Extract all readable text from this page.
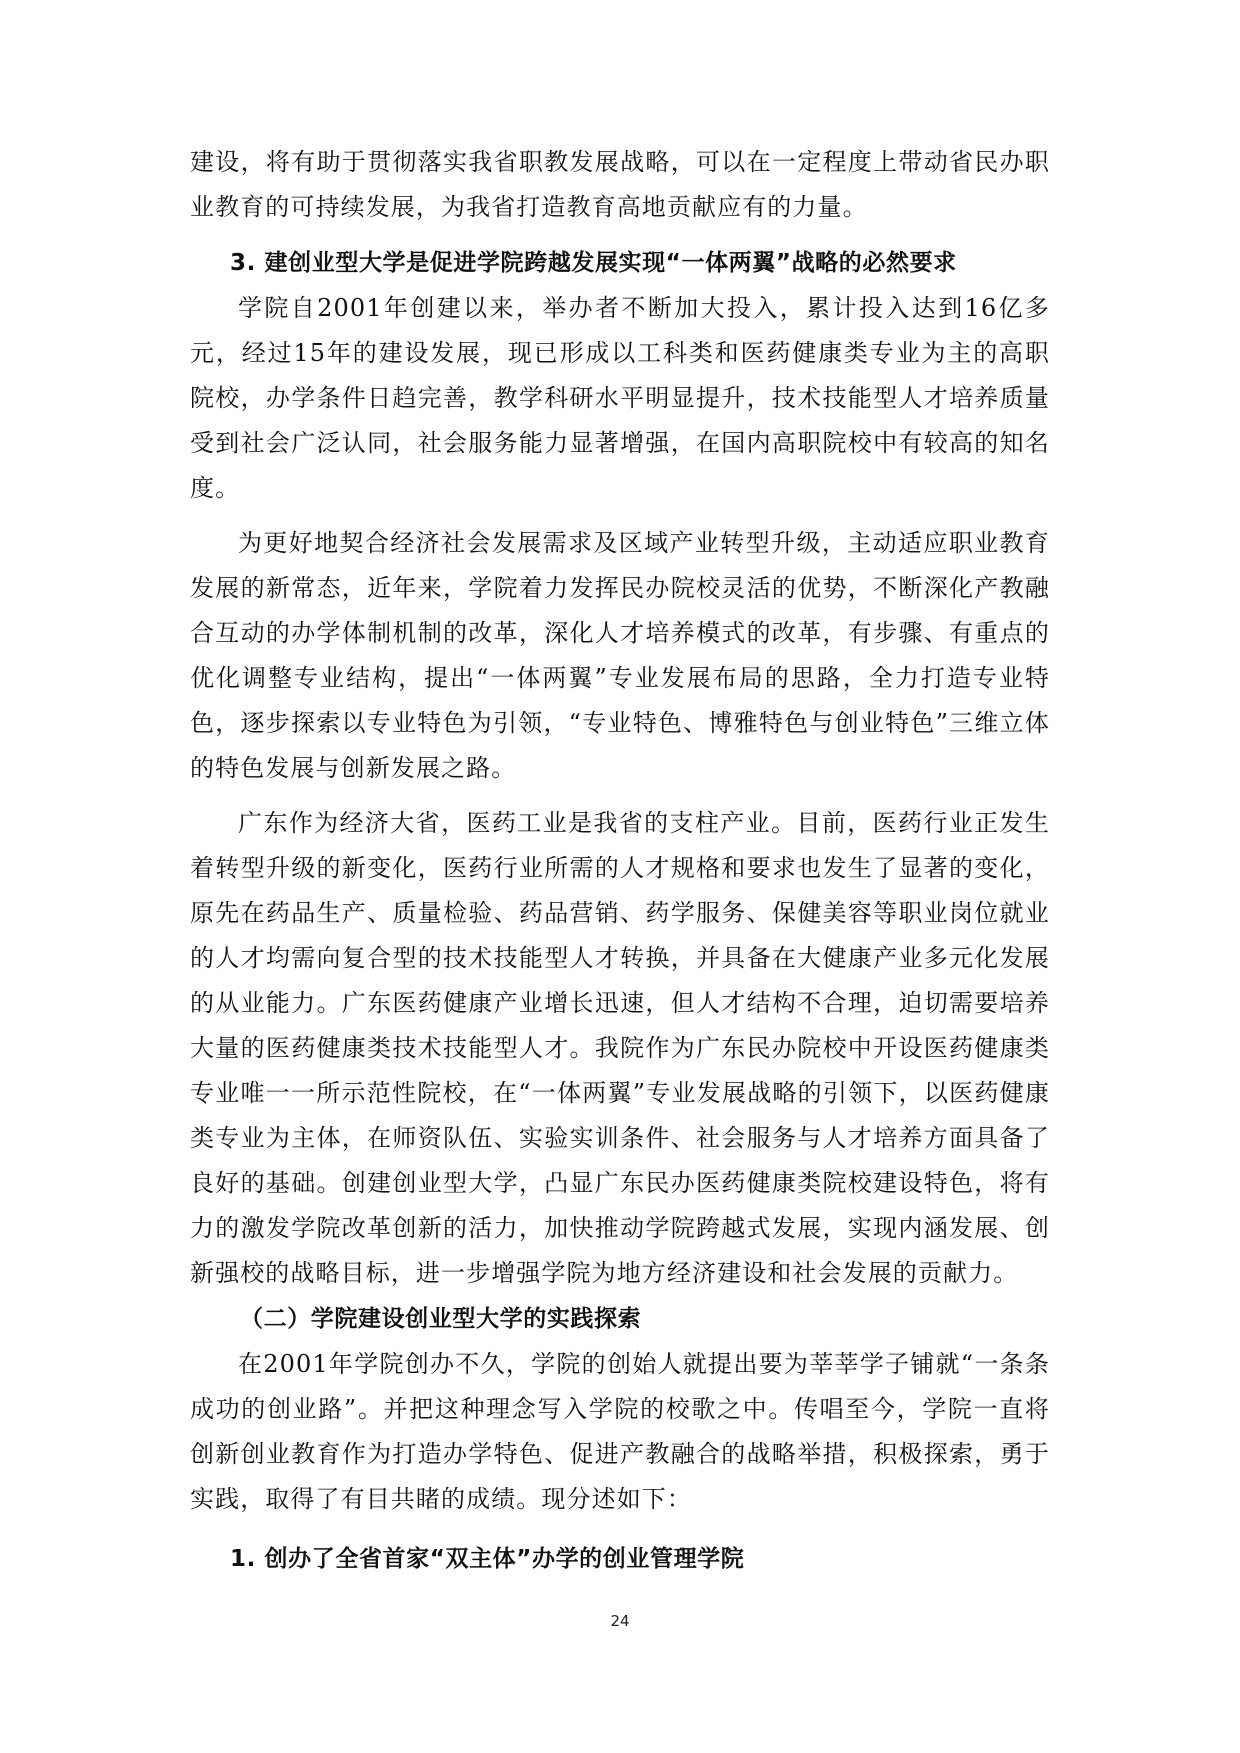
建设，将有助于贯彻落实我省职教发展战略，可以在一定程度上带动省民办职业教育的可持续发展，为我省打造教育高地贡献应有的力量。

3. 建创业型大学是促进学院跨越发展实现“一体两翼”战略的必然要求

学院自2001年创建以来，举办者不断加大投入，累计投入达到16亿多元，经过15年的建设发展，现已形成以工科类和医药健康类专业为主的高职院校，办学条件日趋完善，教学科研水平明显提升，技术技能型人才培养质量受到社会广泛认同，社会服务能力显著增强，在国内高职院校中有较高的知名度。

为更好地契合经济社会发展需求及区域产业转型升级，主动适应职业教育发展的新常态，近年来，学院着力发挥民办院校灵活的优势，不断深化产教融合互动的办学体制机制的改革，深化人才培养模式的改革，有步骤、有重点的优化调整专业结构，提出“一体两翼”专业发展布局的思路，全力打造专业特色，逐步探索以专业特色为引领，“专业特色、博雅特色与创业特色”三维立体的特色发展与创新发展之路。

广东作为经济大省，医药工业是我省的支柱产业。目前，医药行业正发生着转型升级的新变化，医药行业所需的人才规格和要求也发生了显著的变化，原先在药品生产、质量检验、药品营销、药学服务、保健美容等职业岗位就业的人才均需向复合型的技术技能型人才转换，并具备在大健康产业多元化发展的从业能力。广东医药健康产业增长迅速，但人才结构不合理，迫切需要培养大量的医药健康类技术技能型人才。我院作为广东民办院校中开设医药健康类专业唯一一所示范性院校，在“一体两翼”专业发展战略的引领下，以医药健康类专业为主体，在师资队伍、实验实训条件、社会服务与人才培养方面具备了良好的基础。创建创业型大学，凸显广东民办医药健康类院校建设特色，将有力的激发学院改革创新的活力，加快推动学院跨越式发展，实现内涵发展、创新强校的战略目标，进一步增强学院为地方经济建设和社会发展的贡献力。

（二）学院建设创业型大学的实践探索

在2001年学院创办不久，学院的创始人就提出要为莘莘学子铺就“一条条成功的创业路”。并把这种理念写入学院的校歌之中。传唱至今，学院一直将创新创业教育作为打造办学特色、促进产教融合的战略举措，积极探索，勇于实践，取得了有目共睹的成绩。现分述如下：

1. 创办了全省首家“双主体”办学的创业管理学院

24
